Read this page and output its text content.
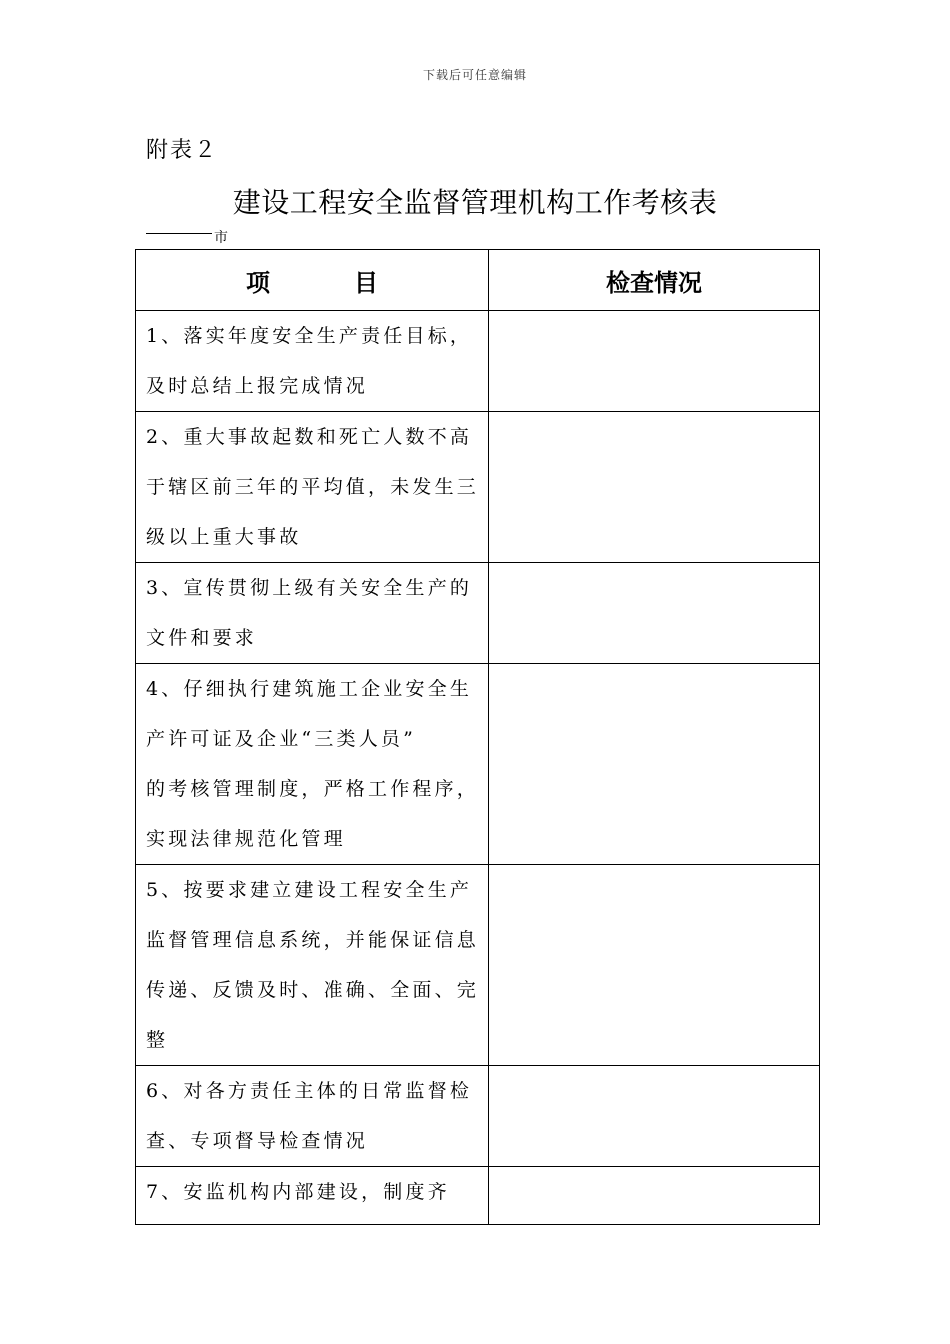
下载后可任意编辑
附表２
建设工程安全监督管理机构工作考核表
市
项　目	检查情况

1、落实年度安全生产责任目标，
及时总结上报完成情况	

2、重大事故起数和死亡人数不高
于辖区前三年的平均值，未发生三
级以上重大事故	

3、宣传贯彻上级有关安全生产的
文件和要求	

4、仔细执行建筑施工企业安全生
产许可证及企业“三类人员”
的考核管理制度，严格工作程序，
实现法律规范化管理	

5、按要求建立建设工程安全生产
监督管理信息系统，并能保证信息
传递、反馈及时、准确、全面、完
整	

6、对各方责任主体的日常监督检
查、专项督导检查情况	

7、安监机构内部建设，制度齐	
